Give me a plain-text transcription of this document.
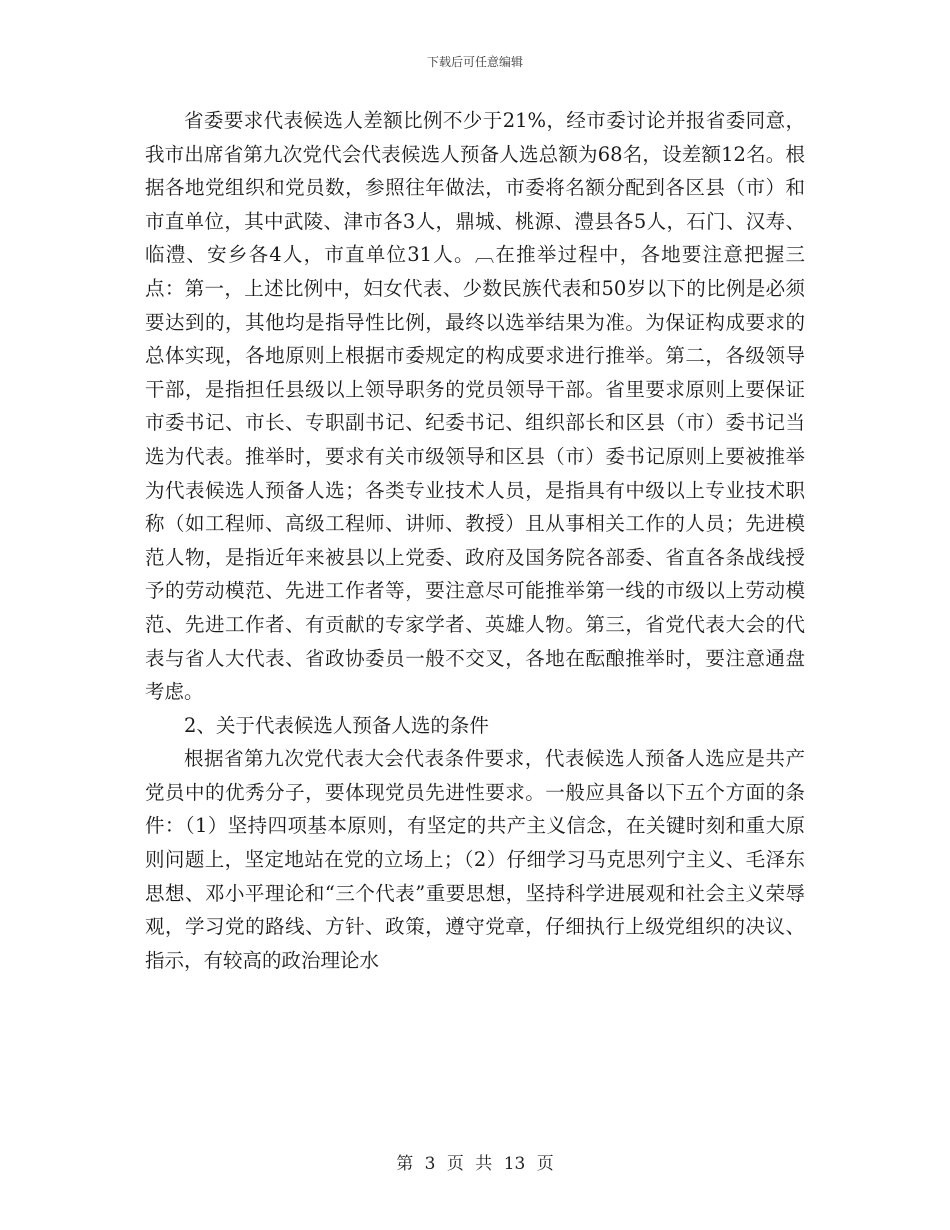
下载后可任意编辑

省委要求代表候选人差额比例不少于21%，经市委讨论并报省委同意，我市出席省第九次党代会代表候选人预备人选总额为68名，设差额12名。根据各地党组织和党员数，参照往年做法，市委将名额分配到各区县（市）和市直单位，其中武陵、津市各3人，鼎城、桃源、澧县各5人，石门、汉寿、临澧、安乡各4人，市直单位31人。︹在推举过程中，各地要注意把握三点：第一，上述比例中，妇女代表、少数民族代表和50岁以下的比例是必须要达到的，其他均是指导性比例，最终以选举结果为准。为保证构成要求的总体实现，各地原则上根据市委规定的构成要求进行推举。第二，各级领导干部，是指担任县级以上领导职务的党员领导干部。省里要求原则上要保证市委书记、市长、专职副书记、纪委书记、组织部长和区县（市）委书记当选为代表。推举时，要求有关市级领导和区县（市）委书记原则上要被推举为代表候选人预备人选；各类专业技术人员，是指具有中级以上专业技术职称（如工程师、高级工程师、讲师、教授）且从事相关工作的人员；先进模范人物，是指近年来被县以上党委、政府及国务院各部委、省直各条战线授予的劳动模范、先进工作者等，要注意尽可能推举第一线的市级以上劳动模范、先进工作者、有贡献的专家学者、英雄人物。第三，省党代表大会的代表与省人大代表、省政协委员一般不交叉，各地在酝酿推举时，要注意通盘考虑。

2、关于代表候选人预备人选的条件

根据省第九次党代表大会代表条件要求，代表候选人预备人选应是共产党员中的优秀分子，要体现党员先进性要求。一般应具备以下五个方面的条件：（1）坚持四项基本原则，有坚定的共产主义信念，在关键时刻和重大原则问题上，坚定地站在党的立场上；（2）仔细学习马克思列宁主义、毛泽东思想、邓小平理论和“三个代表”重要思想，坚持科学进展观和社会主义荣辱观，学习党的路线、方针、政策，遵守党章，仔细执行上级党组织的决议、指示，有较高的政治理论水

第 3 页 共 13 页
